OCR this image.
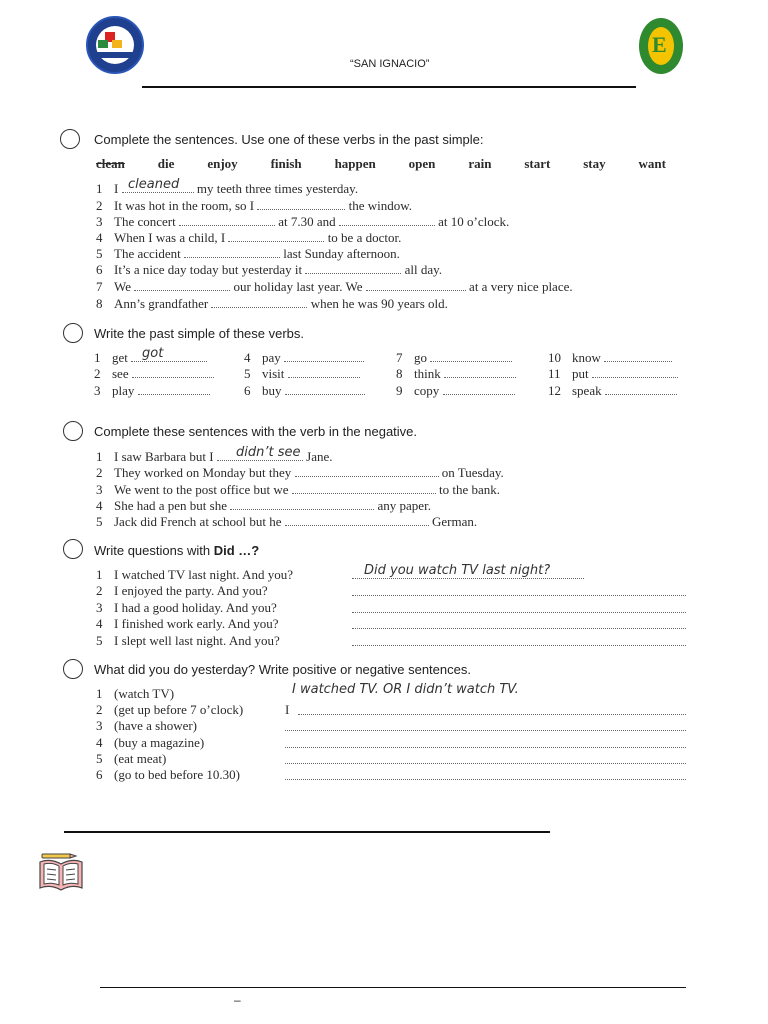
“SAN IGNACIO”
E
Complete the sentences. Use one of these verbs in the past simple:
clean	die	enjoy	finish	happen	open	rain	start	stay	want
1 I	my teeth three times yesterday.
cleaned
2 It was hot in the room, so I	the window.
3 The concert	at 7.30 and	at 10 o’clock.
4 When I was a child, I	to be a doctor.
5 The accident	last Sunday afternoon.
6 It’s a nice day today but yesterday it	all day.
7 We	our holiday last year. We	at a very nice place.
8 Ann’s grandfather	when he was 90 years old.
Write the past simple of these verbs.
1 get	got
2 see
3 play
4 pay
5 visit
6 buy
7 go
8 think
9 copy
10 know
11 put
12 speak
Complete these sentences with the verb in the negative.
1 I saw Barbara but I	Jane.
didn’t see
2 They worked on Monday but they	on Tuesday.
3 We went to the post office but we	to the bank.
4 She had a pen but she	any paper.
5 Jack did French at school but he	German.
Write questions with Did …?
1 I watched TV last night. And you?	Did you watch TV last night?
2 I enjoyed the party. And you?
3 I had a good holiday. And you?
4 I finished work early. And you?
5 I slept well last night. And you?
What did you do yesterday? Write positive or negative sentences.
1 (watch TV)	I watched TV. OR I didn’t watch TV.
2 (get up before 7 o’clock)	I
3 (have a shower)
4 (buy a magazine)
5 (eat meat)
6 (go to bed before 10.30)
–
